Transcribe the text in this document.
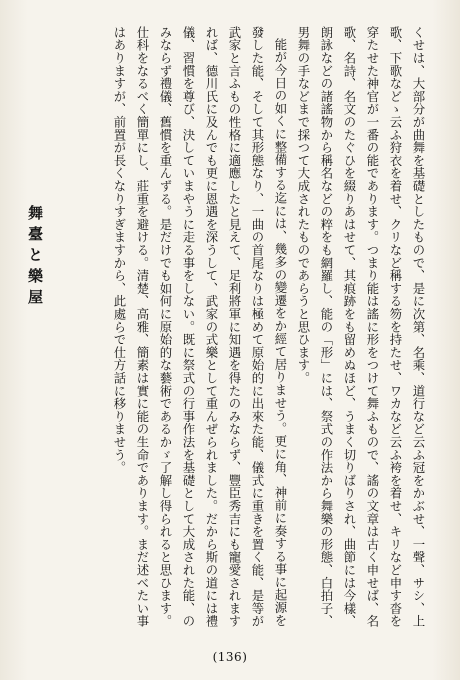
くせは、大部分が曲舞を基礎としたもので、是に次第、名乘、道行など云ふ冠をかぶせ、一聲、サシ、上歌、下歌などゝ云ふ狩衣を着せ、クリなど稱する笏を持たせ、ワカなど云ふ袴を着せ、キリなど申す沓を穿たせた神官が一番の能であります。つまり能は謠に形をつけて舞ふもので、謠の文章は古く申せば、名歌、名詩、名文のたぐひを綴りあはせて、其痕跡をも留めぬほど、うまく切りばりされ、曲節には今樣、朗詠などの諸謠物から稱名などの粹をも網羅し、能の「形」には、祭式の作法から舞樂の形態、白拍子、男舞の手などまで採つて大成されたものであらうと思ひます。

能が今日の如くに整備する迄には、幾多の變遷をか經て居りませう。更に角、神前に奏する事に起源を發した能、そして其形態なり、一曲の首尾なりは極めて原始的に出來た能、儀式に重きを置く能、是等が武家と言ふもの性格に適應したと見えて、足利將軍に知遇を得たのみならず、豐臣秀吉にも寵愛されますれば、德川氏に及んでも更に恩遇を深うして、武家の式樂として重んぜられました。だから斯の道には禮儀、習慣を尊び、決していまやうに走る事をしない。既に祭式の行事作法を基礎として大成された能、のみならず禮儀、舊慣を重んずる。是だけでも如何に原始的な藝術であるかゞ了解し得られると思ひます。仕科をなるべく簡單にし、莊重を避ける。清楚、高雅、簡素は實に能の生命であります。まだ述べたい事はありますが、前置が長くなりすぎますから、此處らで仕方話に移りませう。

舞臺と樂屋
(136)
